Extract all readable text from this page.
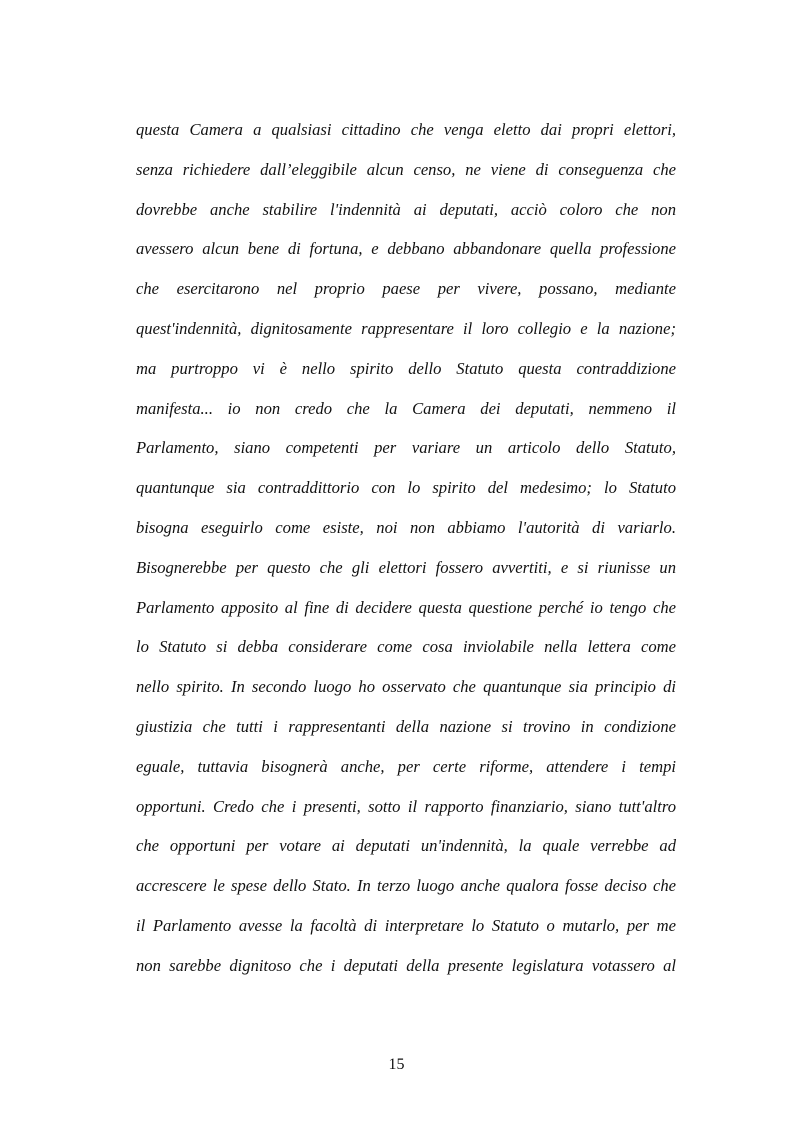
questa Camera a qualsiasi cittadino che venga eletto dai propri elettori,
senza richiedere dall’eleggibile alcun censo, ne viene di conseguenza che
dovrebbe anche stabilire l'indennità ai deputati, acciò coloro che non
avessero alcun bene di fortuna, e debbano abbandonare quella professione
che esercitarono nel proprio paese per vivere, possano, mediante
quest'indennità, dignitosamente rappresentare il loro collegio e la nazione;
ma purtroppo vi è nello spirito dello Statuto questa contraddizione
manifesta... io non credo che la Camera dei deputati, nemmeno il
Parlamento, siano competenti per variare un articolo dello Statuto,
quantunque sia contraddittorio con lo spirito del medesimo; lo Statuto
bisogna eseguirlo come esiste, noi non abbiamo l'autorità di variarlo.
Bisognerebbe per questo che gli elettori fossero avvertiti, e si riunisse un
Parlamento apposito al fine di decidere questa questione perché io tengo che
lo Statuto si debba considerare come cosa inviolabile nella lettera come
nello spirito. In secondo luogo ho osservato che quantunque sia principio di
giustizia che tutti i rappresentanti della nazione si trovino in condizione
eguale, tuttavia bisognerà anche, per certe riforme, attendere i tempi
opportuni. Credo che i presenti, sotto il rapporto finanziario, siano tutt'altro
che opportuni per votare ai deputati un'indennità, la quale verrebbe ad
accrescere le spese dello Stato. In terzo luogo anche qualora fosse deciso che
il Parlamento avesse la facoltà di interpretare lo Statuto o mutarlo, per me
non sarebbe dignitoso che i deputati della presente legislatura votassero al
15
